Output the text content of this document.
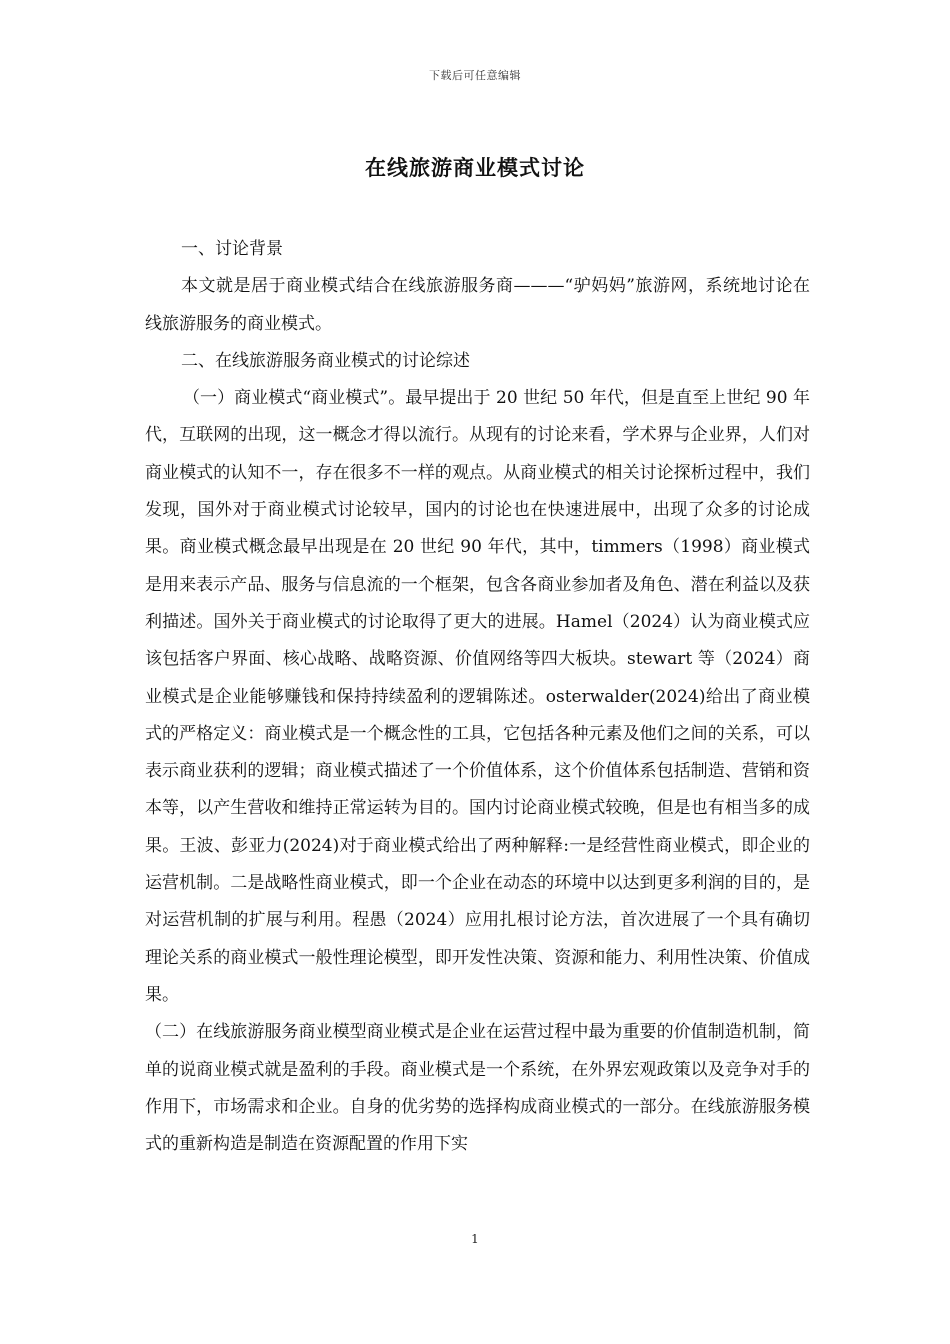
下载后可任意编辑
在线旅游商业模式讨论

一、讨论背景

本文就是居于商业模式结合在线旅游服务商———“驴妈妈”旅游网，系统地讨论在线旅游服务的商业模式。

二、在线旅游服务商业模式的讨论综述

（一）商业模式“商业模式”。最早提出于 20 世纪 50 年代，但是直至上世纪 90 年代，互联网的出现，这一概念才得以流行。从现有的讨论来看，学术界与企业界，人们对商业模式的认知不一，存在很多不一样的观点。从商业模式的相关讨论探析过程中，我们发现，国外对于商业模式讨论较早，国内的讨论也在快速进展中，出现了众多的讨论成果。商业模式概念最早出现是在 20 世纪 90 年代，其中，timmers（1998）商业模式是用来表示产品、服务与信息流的一个框架，包含各商业参加者及角色、潜在利益以及获利描述。国外关于商业模式的讨论取得了更大的进展。Hamel（2024）认为商业模式应该包括客户界面、核心战略、战略资源、价值网络等四大板块。stewart 等（2024）商业模式是企业能够赚钱和保持持续盈利的逻辑陈述。osterwalder(2024)给出了商业模式的严格定义：商业模式是一个概念性的工具，它包括各种元素及他们之间的关系，可以表示商业获利的逻辑；商业模式描述了一个价值体系，这个价值体系包括制造、营销和资本等，以产生营收和维持正常运转为目的。国内讨论商业模式较晚，但是也有相当多的成果。王波、彭亚力(2024)对于商业模式给出了两种解释:一是经营性商业模式，即企业的运营机制。二是战略性商业模式，即一个企业在动态的环境中以达到更多利润的目的，是对运营机制的扩展与利用。程愚（2024）应用扎根讨论方法，首次进展了一个具有确切理论关系的商业模式一般性理论模型，即开发性决策、资源和能力、利用性决策、价值成果。

（二）在线旅游服务商业模型商业模式是企业在运营过程中最为重要的价值制造机制，简单的说商业模式就是盈利的手段。商业模式是一个系统，在外界宏观政策以及竞争对手的作用下，市场需求和企业。自身的优劣势的选择构成商业模式的一部分。在线旅游服务模式的重新构造是制造在资源配置的作用下实

1
